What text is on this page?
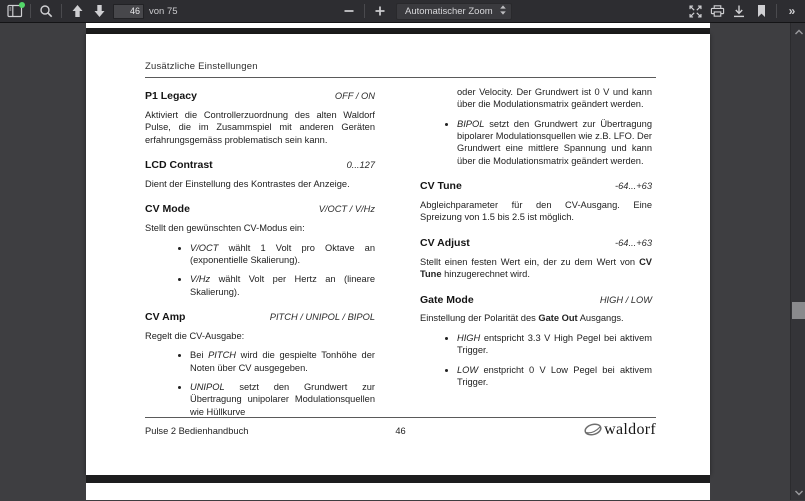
46
von 75	Automatischer Zoom	»
Zusätzliche Einstellungen
P1 Legacy	OFF / ON

Aktiviert die Controllerzuordnung des alten Waldorf Pulse, die im Zusammspiel mit anderen Geräten erfahrungsgemäss problematisch sein kann.

LCD Contrast	0...127

Dient der Einstellung des Kontrastes der Anzeige.

CV Mode	V/OCT / V/Hz

Stellt den gewünschten CV-Modus ein:

• V/OCT wählt 1 Volt pro Oktave an (exponentielle Skalierung).
• V/Hz wählt Volt per Hertz an (lineare Skalierung).
CV Amp	PITCH / UNIPOL / BIPOL

Regelt die CV-Ausgabe:

• Bei PITCH wird die gespielte Tonhöhe der Noten über CV ausgegeben.
• UNIPOL setzt den Grundwert zur Übertragung unipolarer Modulationsquellen wie Hüllkurve

oder Velocity. Der Grundwert ist 0 V und kann über die Modulationsmatrix geändert werden.

• BIPOL setzt den Grundwert zur Übertragung bipolarer Modulationsquellen wie z.B. LFO. Der Grundwert eine mittlere Spannung und kann über die Modulationsmatrix geändert werden.
CV Tune	-64...+63

Abgleichparameter für den CV-Ausgang. Eine Spreizung von 1.5 bis 2.5 ist möglich.

CV Adjust	-64...+63

Stellt einen festen Wert ein, der zu dem Wert von CV Tune hinzugerechnet wird.

Gate Mode	HIGH / LOW

Einstellung der Polarität des Gate Out Ausgangs.

• HIGH entspricht 3.3 V High Pegel bei aktivem Trigger.
• LOW enstpricht 0 V Low Pegel bei aktivem Trigger.
Pulse 2 Bedienhandbuch	46	waldorf
